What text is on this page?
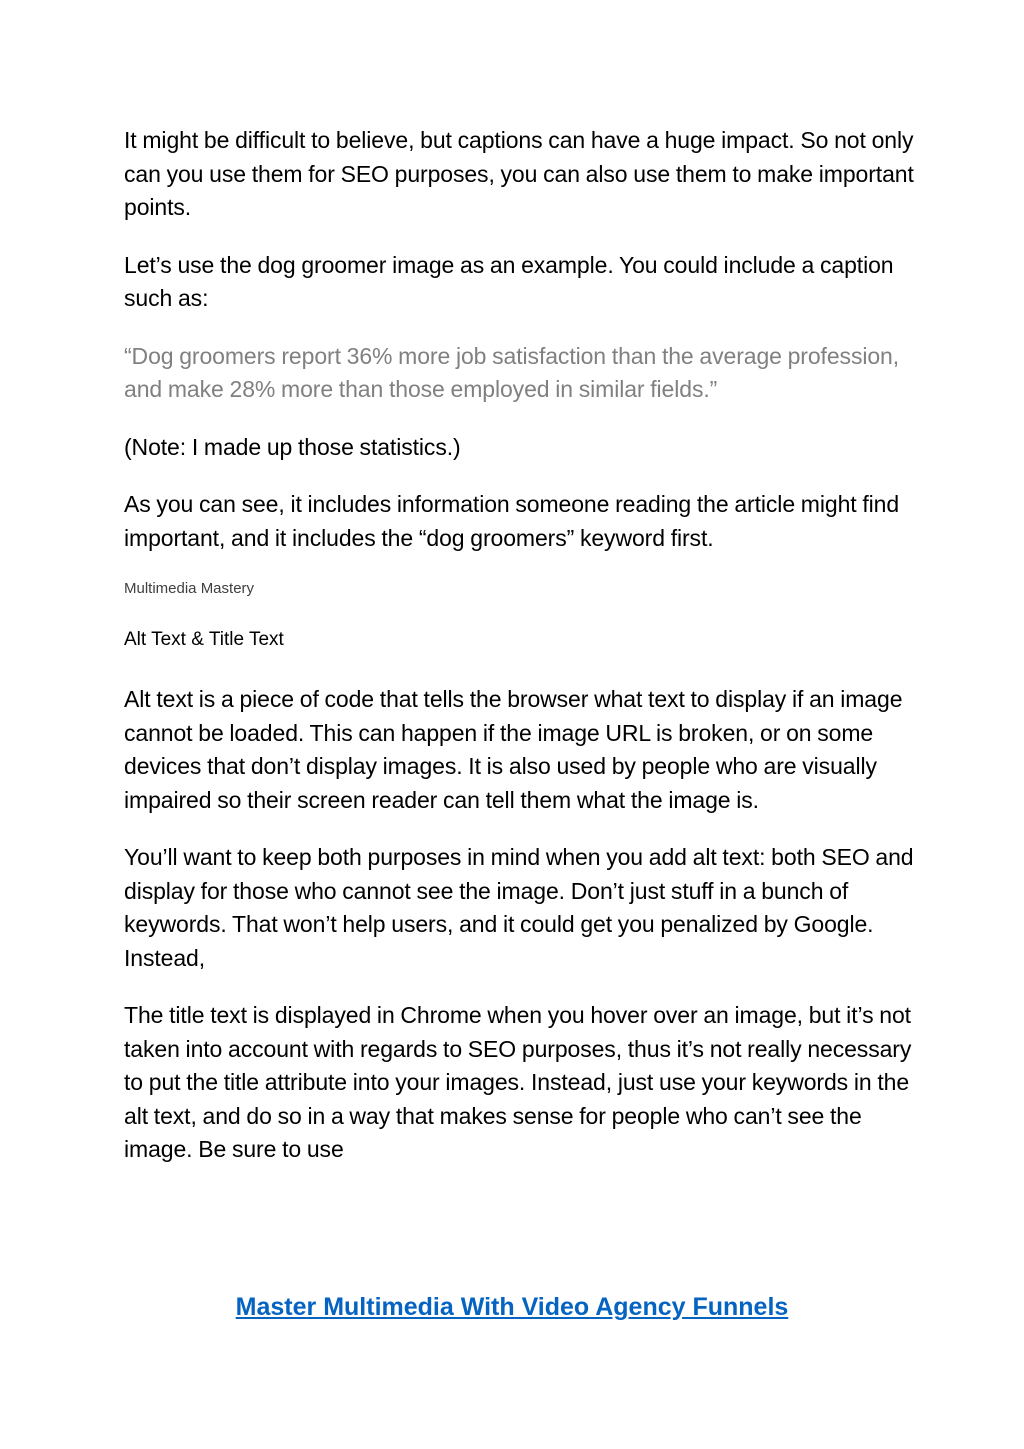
It might be difficult to believe, but captions can have a huge impact. So not only can you use them for SEO purposes, you can also use them to make important points.

Let’s use the dog groomer image as an example. You could include a caption such as:

“Dog groomers report 36% more job satisfaction than the average profession, and make 28% more than those employed in similar fields.”

(Note: I made up those statistics.)

As you can see, it includes information someone reading the article might find important, and it includes the “dog groomers” keyword first.

Multimedia Mastery

Alt Text & Title Text

Alt text is a piece of code that tells the browser what text to display if an image cannot be loaded. This can happen if the image URL is broken, or on some devices that don’t display images. It is also used by people who are visually impaired so their screen reader can tell them what the image is.

You’ll want to keep both purposes in mind when you add alt text: both SEO and display for those who cannot see the image. Don’t just stuff in a bunch of keywords. That won’t help users, and it could get you penalized by Google. Instead,

The title text is displayed in Chrome when you hover over an image, but it’s not taken into account with regards to SEO purposes, thus it’s not really necessary to put the title attribute into your images. Instead, just use your keywords in the alt text, and do so in a way that makes sense for people who can’t see the image. Be sure to use

Master Multimedia With Video Agency Funnels
